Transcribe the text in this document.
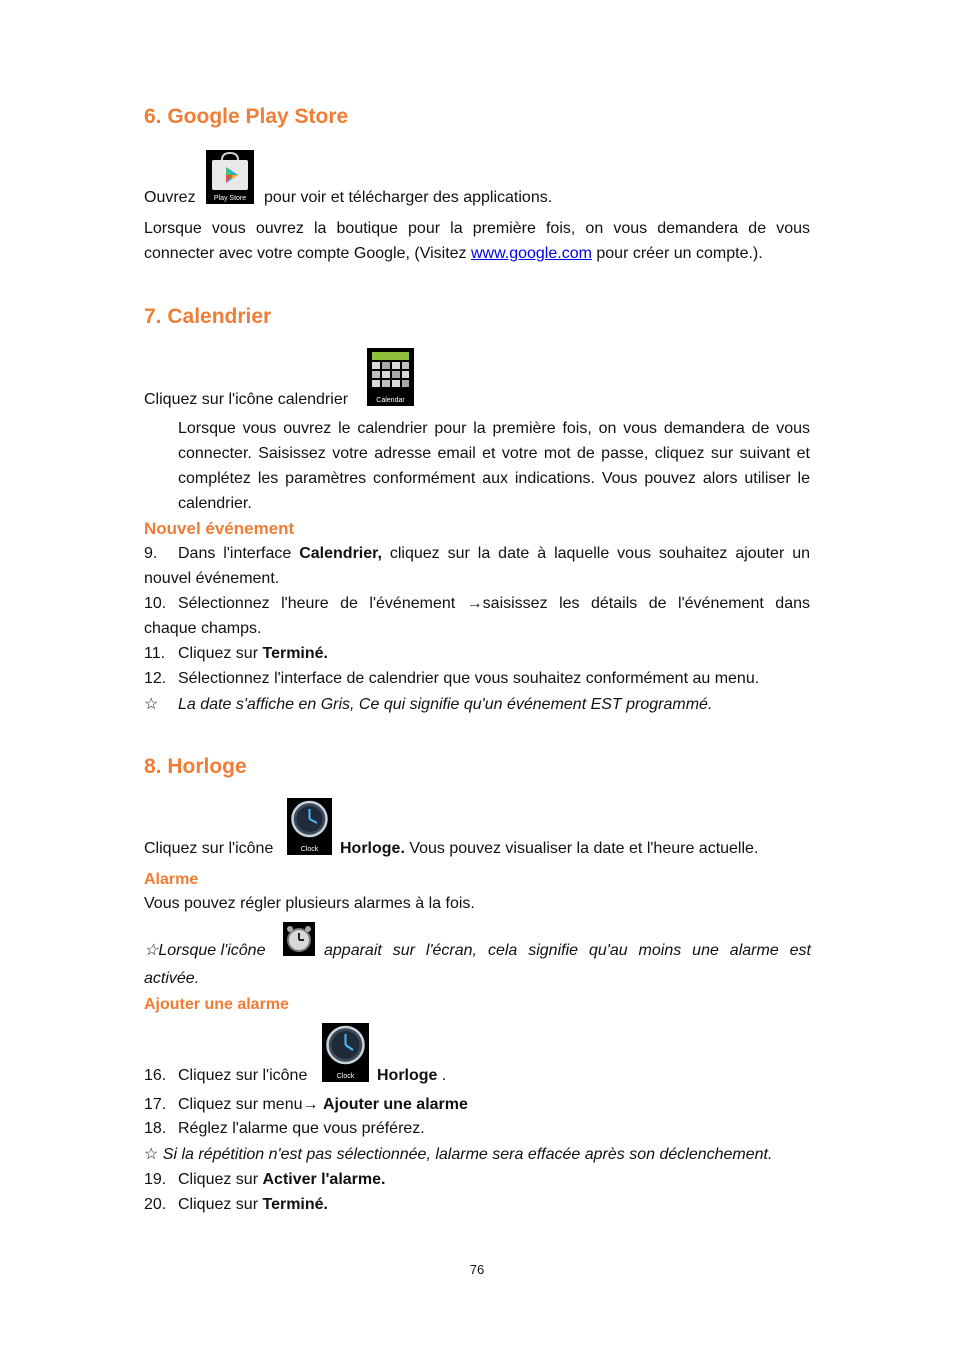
6. Google Play Store
Ouvrez	Play Store	pour voir et télécharger des applications.
Lorsque vous ouvrez la boutique pour la première fois, on vous demandera de vous
connecter avec votre compte Google, (Visitez www.google.com pour créer un compte.).
7. Calendrier
Cliquez sur l'icône calendrier	Calendar
Lorsque vous ouvrez le calendrier pour la première fois, on vous demandera de vous connecter. Saisissez votre adresse email et votre mot de passe, cliquez sur suivant et complétez les paramètres conformément aux indications. Vous pouvez alors utiliser le calendrier.
Nouvel événement
9.	Dans l'interface Calendrier, cliquez sur la date à laquelle vous souhaitez ajouter un
nouvel événement.
10. Sélectionnez l'heure de l'événement →saisissez les détails de l'événement dans
chaque champs.
11. Cliquez sur Terminé.
12. Sélectionnez l'interface de calendrier que vous souhaitez conformément au menu.
☆ La date s'affiche en Gris, Ce qui signifie qu'un événement EST programmé.
8. Horloge
Cliquez sur l'icône	Clock	Horloge. Vous pouvez visualiser la date et l'heure actuelle.
Alarme
Vous pouvez régler plusieurs alarmes à la fois.
☆Lorsque l'icône	apparait sur l'écran, cela signifie qu'au moins une alarme est
activée.
Ajouter une alarme
16. Cliquez sur l'icône	Clock	Horloge .
17. Cliquez sur menu→ Ajouter une alarme
18. Réglez l'alarme que vous préférez.
☆ Si la répétition n'est pas sélectionnée, lalarme sera effacée après son déclenchement.
19. Cliquez sur Activer l'alarme.
20. Cliquez sur Terminé.
76
